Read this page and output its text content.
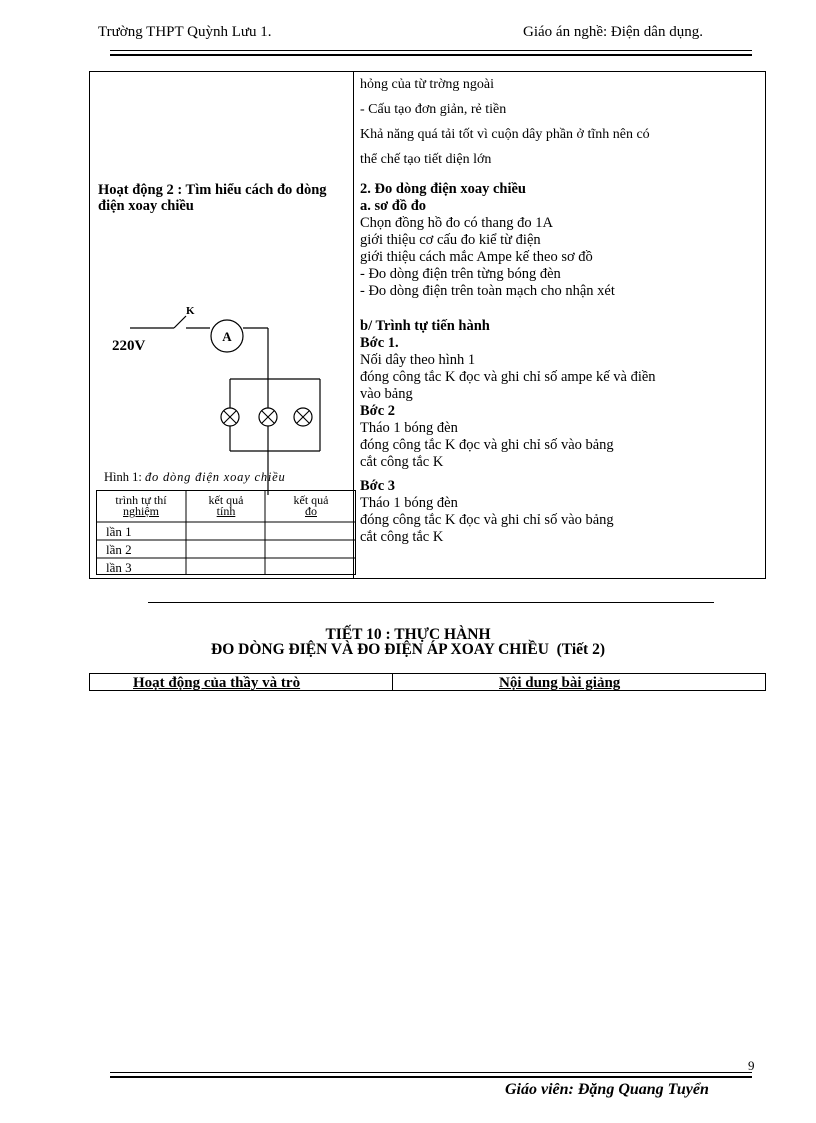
Trường THPT Quỳnh Lưu 1.	Giáo án nghề: Điện dân dụng.
hỏng của từ trờng ngoài
- Cấu tạo đơn giản, rẻ tiền
Khả năng quá tải tốt vì cuộn dây phần ở tĩnh nên có
thể chế tạo tiết diện lớn
Hoạt động 2 : Tìm hiểu cách đo dòng điện xoay chiều
2. Đo dòng điện xoay chiều
a. sơ đồ đo
Chọn đồng hồ đo có thang đo 1A
giới thiệu cơ cấu đo kiể từ điện
giới thiệu cách mắc Ampe kế theo sơ đồ
- Đo dòng điện trên từng bóng đèn
- Đo dòng điện trên toàn mạch cho nhận xét
b/ Trình tự tiến hành
Bớc 1.
Nối dây theo hình 1
đóng công tắc K đọc và ghi chỉ số ampe kế và điền
vào bảng
Bớc 2
Tháo 1 bóng đèn
đóng công tắc K đọc và ghi chỉ số vào bảng
cắt công tắc K
Bớc 3
Tháo 1 bóng đèn
đóng công tắc K đọc và ghi chỉ số vào bảng
cắt công tắc K
K
A
220V
Hình 1: đo dòng điện xoay chiều
trình tự thí
nghiệm
kết quả
tính
kết quả
đo
lần 1
lần 2
lần 3
TIẾT 10 : THỰC HÀNH
ĐO DÒNG ĐIỆN VÀ ĐO ĐIỆN ÁP XOAY CHIỀU (Tiết 2)
Hoạt động của thầy và trò	Nội dung bài giảng
9
Giáo viên: Đặng Quang Tuyển
